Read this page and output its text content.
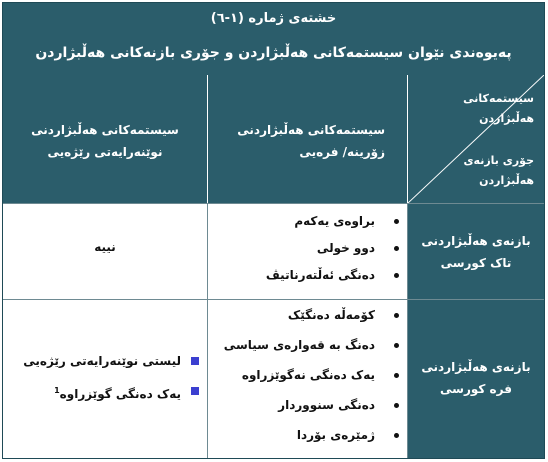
خشتەی ژمارە (١-٦)
پەیوەندی نێوان سیستمەکانی هەڵبژاردن و جۆری بازنەکانی هەڵبژاردن
سیستمەکانی هەڵبژاردنی
نوێنەرایەتی رێژەیی
سیستمەکانی هەڵبژاردنی
زۆرینە/ فرەیی
سیستمەکانی
هەڵبژاردن
جۆری بازنەی
هەڵبژاردن
نییە
براوەی یەکەم
دوو خولی
دەنگی ئەڵتەرناتیڤ
بازنەی هەڵبژاردنی
تاک کورسی
لیستی نوێنەرایەتی رێژەیی
یەک دەنگی گوێزراوە$^1$
کۆمەڵە دەنگێک
دەنگ بە قەوارەی سیاسی
یەک دەنگی نەگوێزراوە
دەنگی سنووردار
ژمێرەی بۆردا
بازنەی هەڵبژاردنی
فرە کورسی
